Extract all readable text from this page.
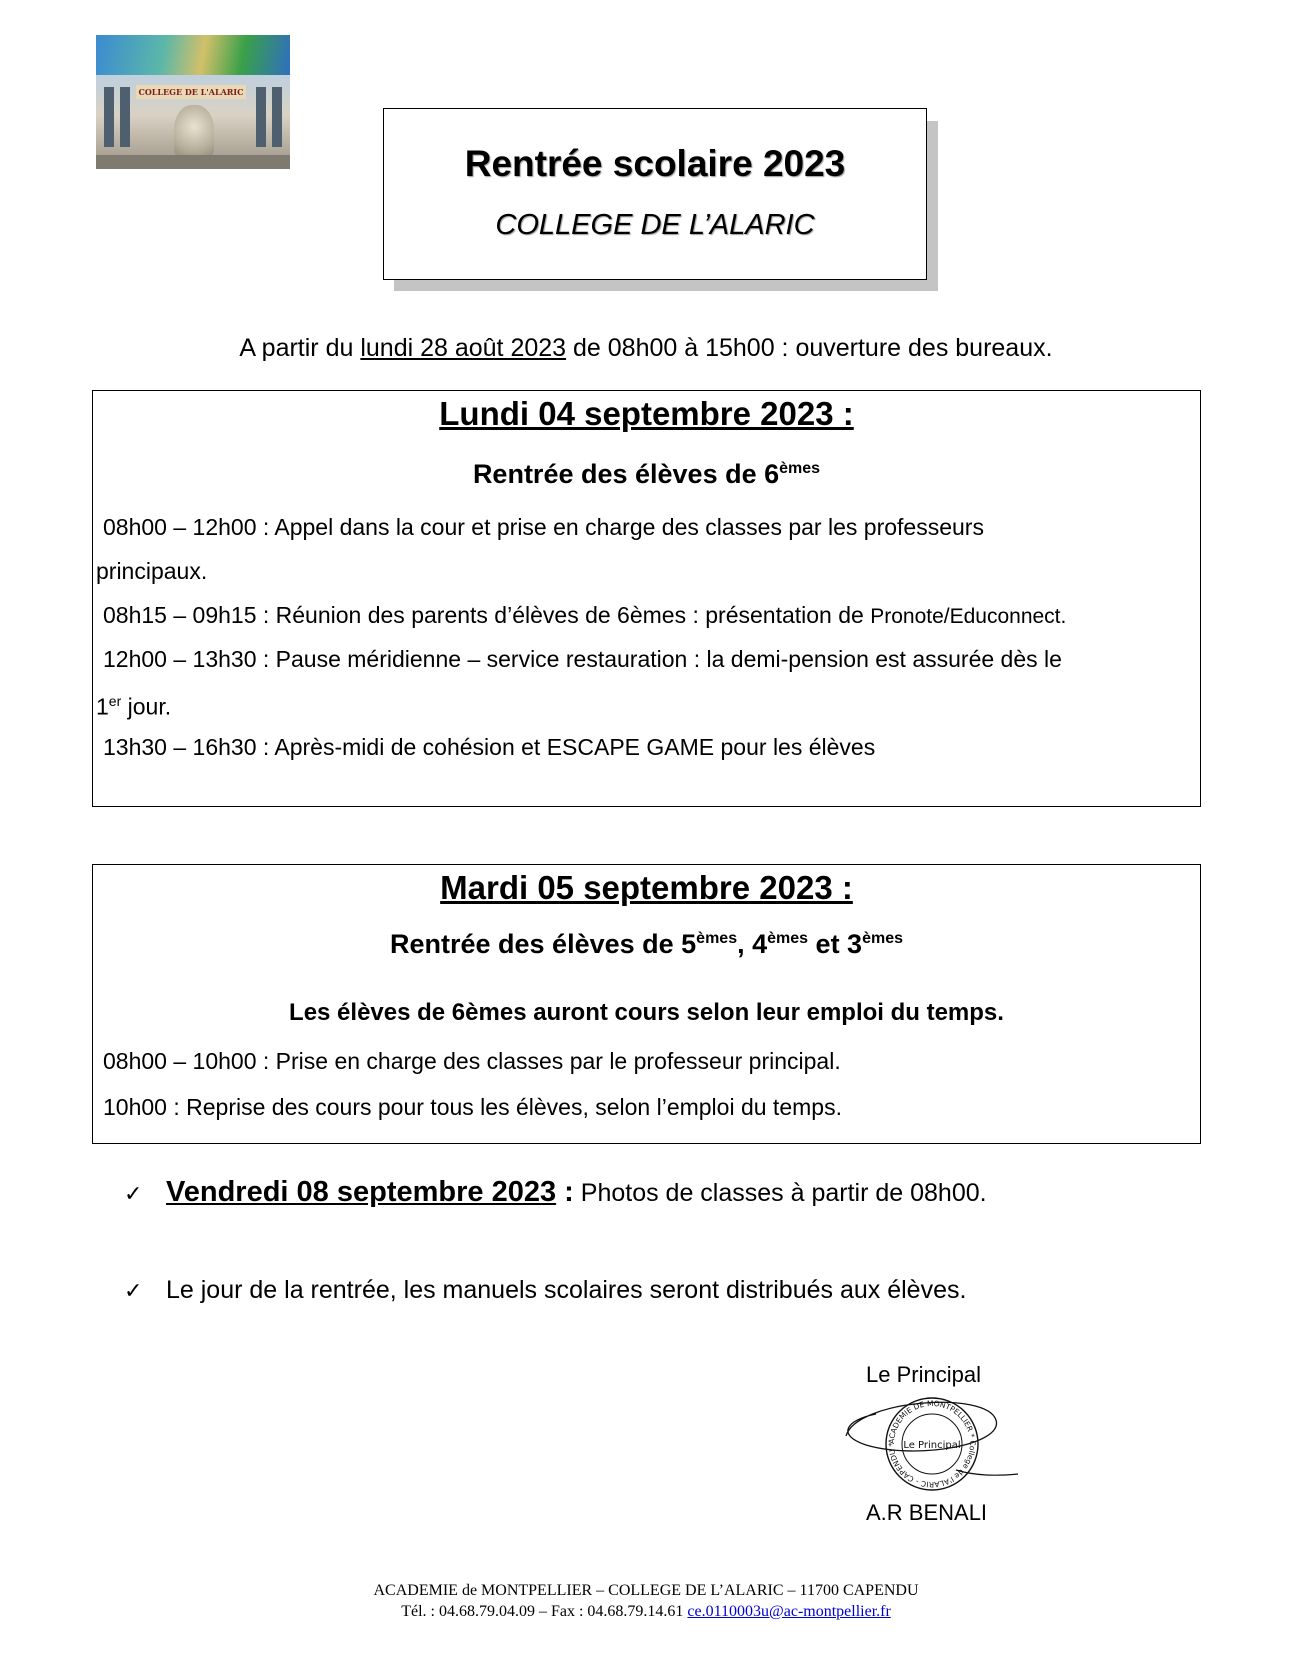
COLLEGE DE L'ALARIC
Rentrée scolaire 2023
COLLEGE DE L’ALARIC
A partir du lundi 28 août 2023 de 08h00 à 15h00 : ouverture des bureaux.
Lundi 04 septembre 2023 :
Rentrée des élèves de 6èmes
08h00 – 12h00 : Appel dans la cour et prise en charge des classes par les professeurs
principaux.
08h15 – 09h15 : Réunion des parents d’élèves de 6èmes : présentation de Pronote/Educonnect.
12h00 – 13h30 : Pause méridienne – service restauration : la demi-pension est assurée dès le
1er jour.
13h30 – 16h30 : Après-midi de cohésion et ESCAPE GAME pour les élèves
Mardi 05 septembre 2023 :
Rentrée des élèves de 5èmes, 4èmes et 3èmes
Les élèves de 6èmes auront cours selon leur emploi du temps.
08h00 – 10h00 : Prise en charge des classes par le professeur principal.
10h00 : Reprise des cours pour tous les élèves, selon l’emploi du temps.
✓ Vendredi 08 septembre 2023 : Photos de classes à partir de 08h00.
✓ Le jour de la rentrée, les manuels scolaires seront distribués aux élèves.
Le Principal
ACADEMIE DE MONTPELLIER * College de l'ALARIC - CAPENDU * Le Principal
A.R BENALI
ACADEMIE de MONTPELLIER – COLLEGE DE L’ALARIC – 11700 CAPENDU
Tél. : 04.68.79.04.09 – Fax : 04.68.79.14.61 ce.0110003u@ac-montpellier.fr
